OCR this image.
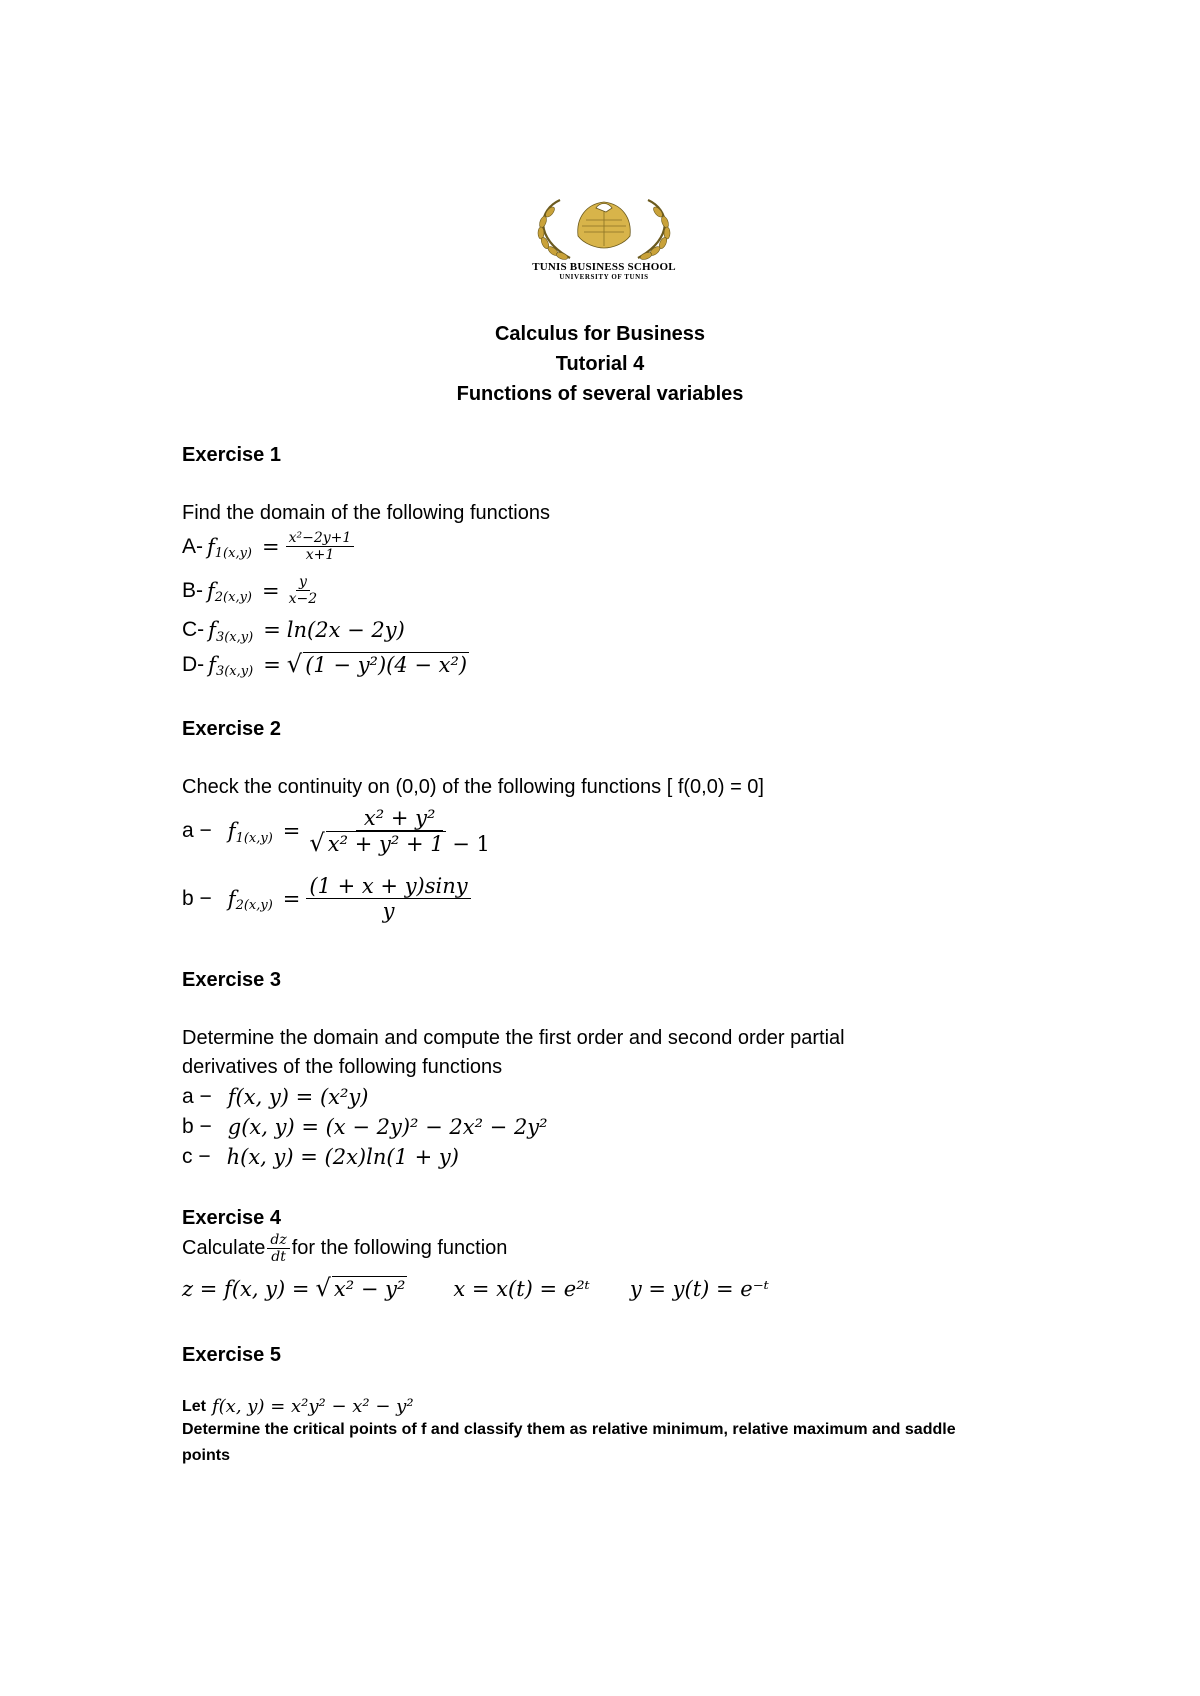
TUNIS BUSINESS SCHOOL
UNIVERSITY OF TUNIS
Calculus for Business
Tutorial 4
Functions of several variables
Exercise 1
Find the domain of the following functions
A- f $1(x,y) = \frac{\text{x²−2y+1}}{x+1}$
B- f $2(x,y) = \frac{y}{x-2}$
C- f 3(x,y) = ln(2x − 2y)
D- f 3(x,y) = √ (1 − y²)(4 − x²)
Exercise 2
Check the continuity on (0,0) of the following functions [ f(0,0) = 0]
a − f $1(x,y) = \frac{\text{x² + y²}}{\text{√ x² + y² + 1 − 1}}$
b − f $2(x,y) = \frac{(1 + x + y)\sin y}{y}$
Exercise 3
Determine the domain and compute the first order and second order partial
derivatives of the following functions
a − f(x, y) = (x²y)
b − g(x, y) = (x − 2y)² − 2x² − 2y²
c − h(x, y) = (2x)ln(1 + y)
Exercise 4
Calculate $\frac{dz}{dt}$ for the following function
z = f(x, y) = √ x² − y² x = x(t) = e²ᵗ y = y(t) = e⁻ᵗ
Exercise 5
Let f(x, y) = x²y² − x² − y²
Determine the critical points of f and classify them as relative minimum, relative maximum and saddle
points
